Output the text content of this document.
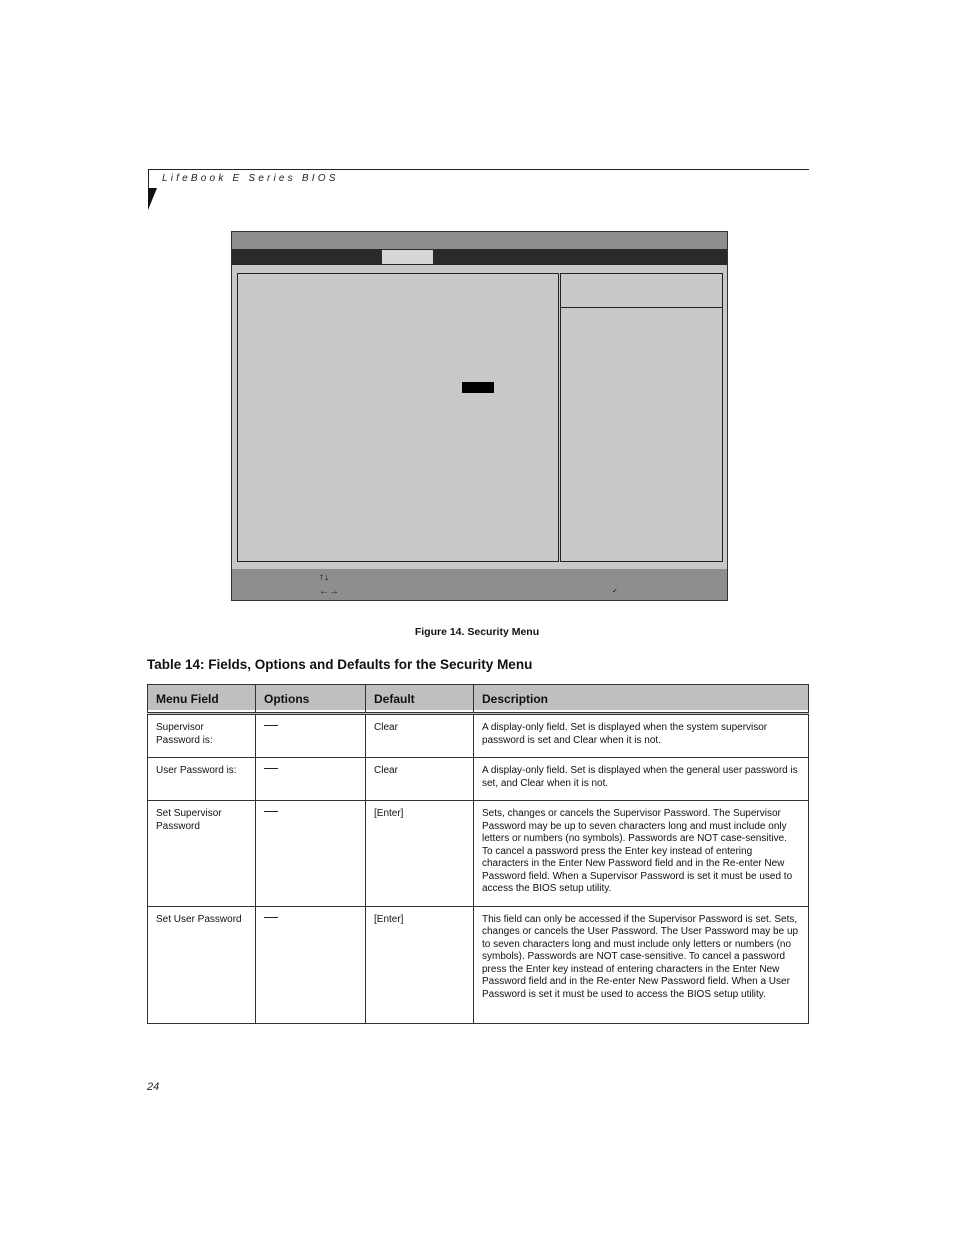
LifeBook E Series BIOS
↑↓
←→	✓
Figure 14. Security Menu
Table 14: Fields, Options and Defaults for the Security Menu
Menu Field	Options	Default	Description
Supervisor Password is:		Clear	A display-only field. Set is displayed when the system supervisor password is set and Clear when it is not.
User Password is:		Clear	A display-only field. Set is displayed when the general user password is set, and Clear when it is not.
Set Supervisor Password		[Enter]	Sets, changes or cancels the Supervisor Password. The Supervisor Password may be up to seven characters long and must include only letters or numbers (no symbols). Passwords are NOT case-sensitive. To cancel a password press the Enter key instead of entering characters in the Enter New Password field and in the Re-enter New Password field. When a Supervisor Password is set it must be used to access the BIOS setup utility.
Set User Password		[Enter]	This field can only be accessed if the Supervisor Password is set. Sets, changes or cancels the User Password. The User Password may be up to seven characters long and must include only letters or numbers (no symbols). Passwords are NOT case-sensitive. To cancel a password press the Enter key instead of entering characters in the Enter New Password field and in the Re-enter New Password field. When a User Password is set it must be used to access the BIOS setup utility.
24
